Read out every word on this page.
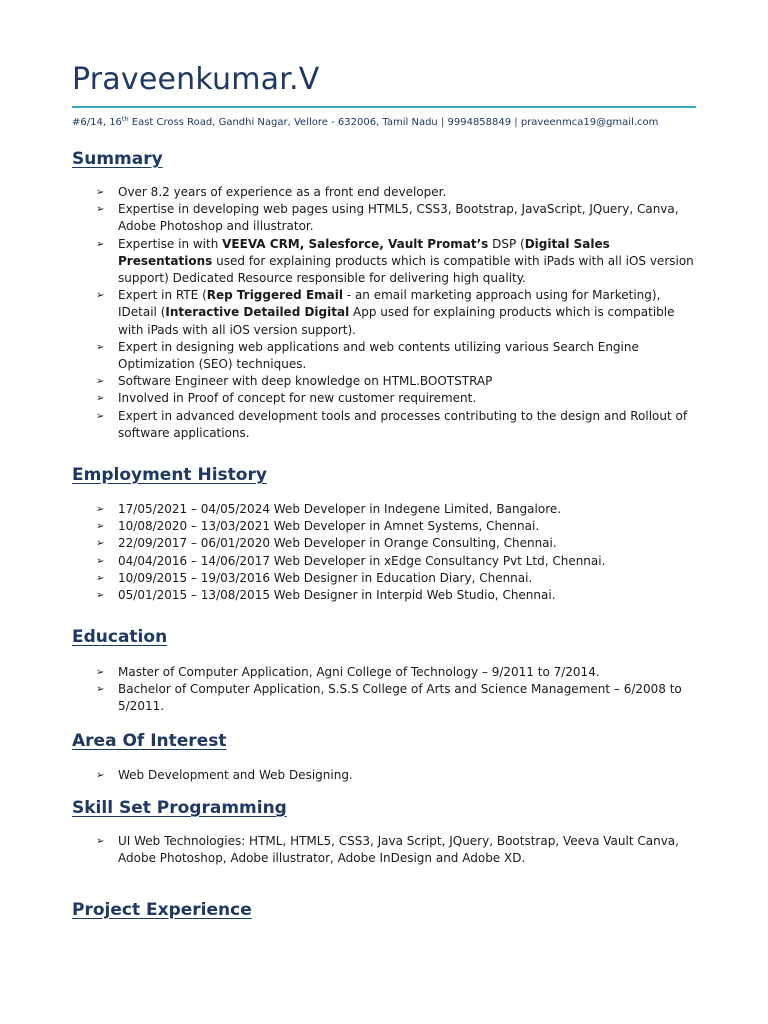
Praveenkumar.V
#6/14, 16th East Cross Road, Gandhi Nagar, Vellore - 632006, Tamil Nadu | 9994858849 | praveenmca19@gmail.com
Summary
➢ Over 8.2 years of experience as a front end developer.
➢ Expertise in developing web pages using HTML5, CSS3, Bootstrap, JavaScript, JQuery, Canva, Adobe Photoshop and illustrator.
➢ Expertise in with VEEVA CRM, Salesforce, Vault Promat’s DSP (Digital Sales Presentations used for explaining products which is compatible with iPads with all iOS version support) Dedicated Resource responsible for delivering high quality.
➢ Expert in RTE (Rep Triggered Email - an email marketing approach using for Marketing), IDetail (Interactive Detailed Digital App used for explaining products which is compatible with iPads with all iOS version support).
➢ Expert in designing web applications and web contents utilizing various Search Engine Optimization (SEO) techniques.
➢ Software Engineer with deep knowledge on HTML.BOOTSTRAP
➢ Involved in Proof of concept for new customer requirement.
➢ Expert in advanced development tools and processes contributing to the design and Rollout of software applications.
Employment History
➢ 17/05/2021 – 04/05/2024 Web Developer in Indegene Limited, Bangalore.
➢ 10/08/2020 – 13/03/2021 Web Developer in Amnet Systems, Chennai.
➢ 22/09/2017 – 06/01/2020 Web Developer in Orange Consulting, Chennai.
➢ 04/04/2016 – 14/06/2017 Web Developer in xEdge Consultancy Pvt Ltd, Chennai.
➢ 10/09/2015 – 19/03/2016 Web Designer in Education Diary, Chennai.
➢ 05/01/2015 – 13/08/2015 Web Designer in Interpid Web Studio, Chennai.
Education
➢ Master of Computer Application, Agni College of Technology – 9/2011 to 7/2014.
➢ Bachelor of Computer Application, S.S.S College of Arts and Science Management – 6/2008 to 5/2011.
Area Of Interest
➢ Web Development and Web Designing.
Skill Set Programming
➢ UI Web Technologies: HTML, HTML5, CSS3, Java Script, JQuery, Bootstrap, Veeva Vault Canva, Adobe Photoshop, Adobe illustrator, Adobe InDesign and Adobe XD.
Project Experience
